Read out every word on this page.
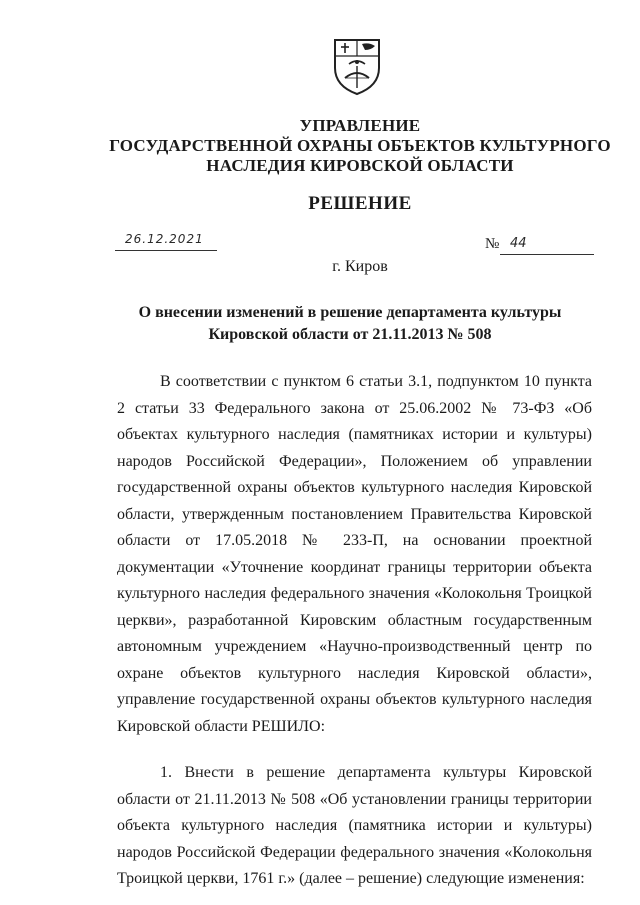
УПРАВЛЕНИЕ
ГОСУДАРСТВЕННОЙ ОХРАНЫ ОБЪЕКТОВ КУЛЬТУРНОГО
НАСЛЕДИЯ КИРОВСКОЙ ОБЛАСТИ
РЕШЕНИЕ
26.12.2021	№ 44
г. Киров
О внесении изменений в решение департамента культуры Кировской области от 21.11.2013 № 508

В соответствии с пунктом 6 статьи 3.1, подпунктом 10 пункта 2 статьи 33 Федерального закона от 25.06.2002 № 73-ФЗ «Об объектах культурного наследия (памятниках истории и культуры) народов Российской Федерации», Положением об управлении государственной охраны объектов культурного наследия Кировской области, утвержденным постановлением Правительства Кировской области от 17.05.2018 № 233-П, на основании проектной документации «Уточнение координат границы территории объекта культурного наследия федерального значения «Колокольня Троицкой церкви», разработанной Кировским областным государственным автономным учреждением «Научно-производственный центр по охране объектов культурного наследия Кировской области», управление государственной охраны объектов культурного наследия Кировской области РЕШИЛО:

1. Внести в решение департамента культуры Кировской области от 21.11.2013 № 508 «Об установлении границы территории объекта культурного наследия (памятника истории и культуры) народов Российской Федерации федерального значения «Колокольня Троицкой церкви, 1761 г.» (далее – решение) следующие изменения:
